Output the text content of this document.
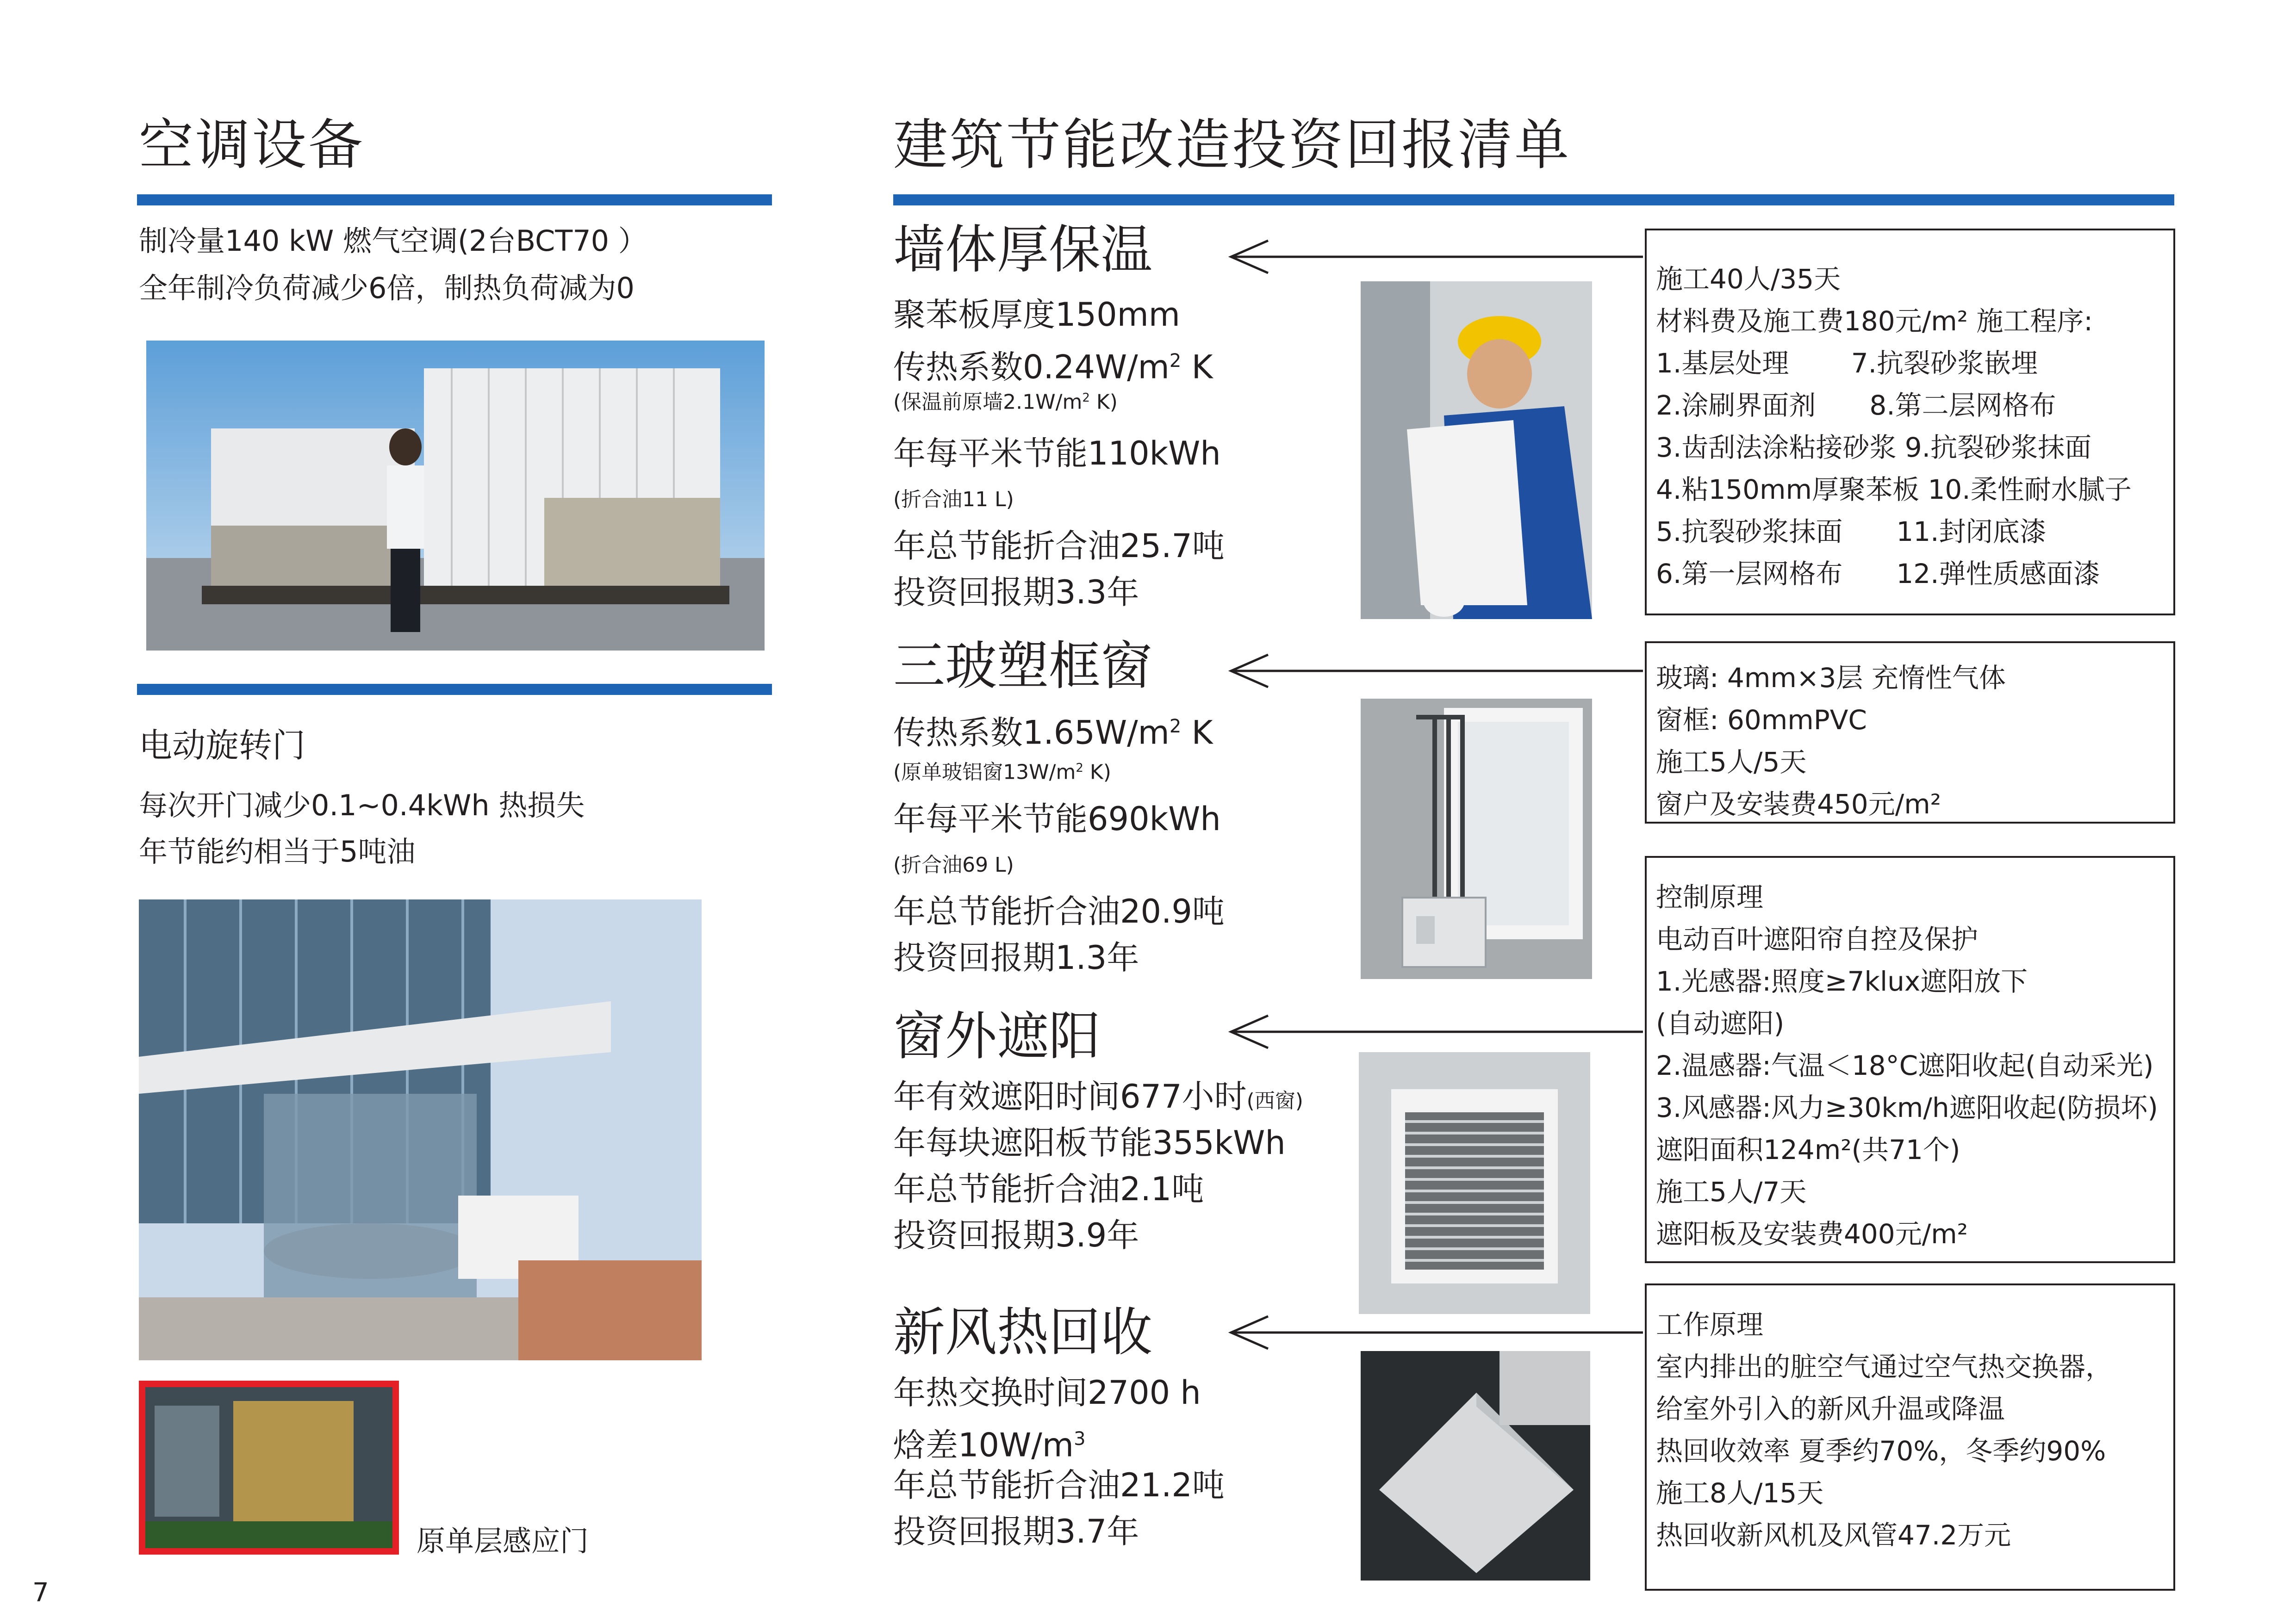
空调设备
制冷量140 kW 燃气空调(2台BCT70 ）
全年制冷负荷减少6倍，制热负荷减为0
电动旋转门
每次开门减少0.1~0.4kWh 热损失
年节能约相当于5吨油
原单层感应门
7
建筑节能改造投资回报清单
墙体厚保温
聚苯板厚度150mm
传热系数$0.24W/m^2$ K
(保温前原墙$2.1W/m^2$ K)
年每平米节能110kWh
(折合油11 L)
年总节能折合油25.7吨
投资回报期3.3年
施工40人/35天
材料费及施工费180元/m² 施工程序:
1.基层处理　　 7.抗裂砂浆嵌埋
2.涂刷界面剂　　8.第二层网格布
3.齿刮法涂粘接砂浆 9.抗裂砂浆抹面
4.粘150mm厚聚苯板 10.柔性耐水腻子
5.抗裂砂浆抹面　　11.封闭底漆
6.第一层网格布　　12.弹性质感面漆
三玻塑框窗
传热系数$1.65W/m^2$ K
(原单玻铝窗$13W/m^2$ K)
年每平米节能690kWh
(折合油69 L)
年总节能折合油20.9吨
投资回报期1.3年
玻璃: 4mm×3层 充惰性气体
窗框: 60mmPVC
施工5人/5天
窗户及安装费450元/m²
窗外遮阳
年有效遮阳时间677小时(西窗)
年每块遮阳板节能355kWh
年总节能折合油2.1吨
投资回报期3.9年
控制原理
电动百叶遮阳帘自控及保护
1.光感器:照度≥7klux遮阳放下
(自动遮阳)
2.温感器:气温＜18°C遮阳收起(自动采光)
3.风感器:风力≥30km/h遮阳收起(防损坏)
遮阳面积124m²(共71个)
施工5人/7天
遮阳板及安装费400元/m²
新风热回收
年热交换时间2700 h
焓差$10W/m^3$
年总节能折合油21.2吨
投资回报期3.7年
工作原理
室内排出的脏空气通过空气热交换器，
给室外引入的新风升温或降温
热回收效率 夏季约70%，冬季约90%
施工8人/15天
热回收新风机及风管47.2万元
